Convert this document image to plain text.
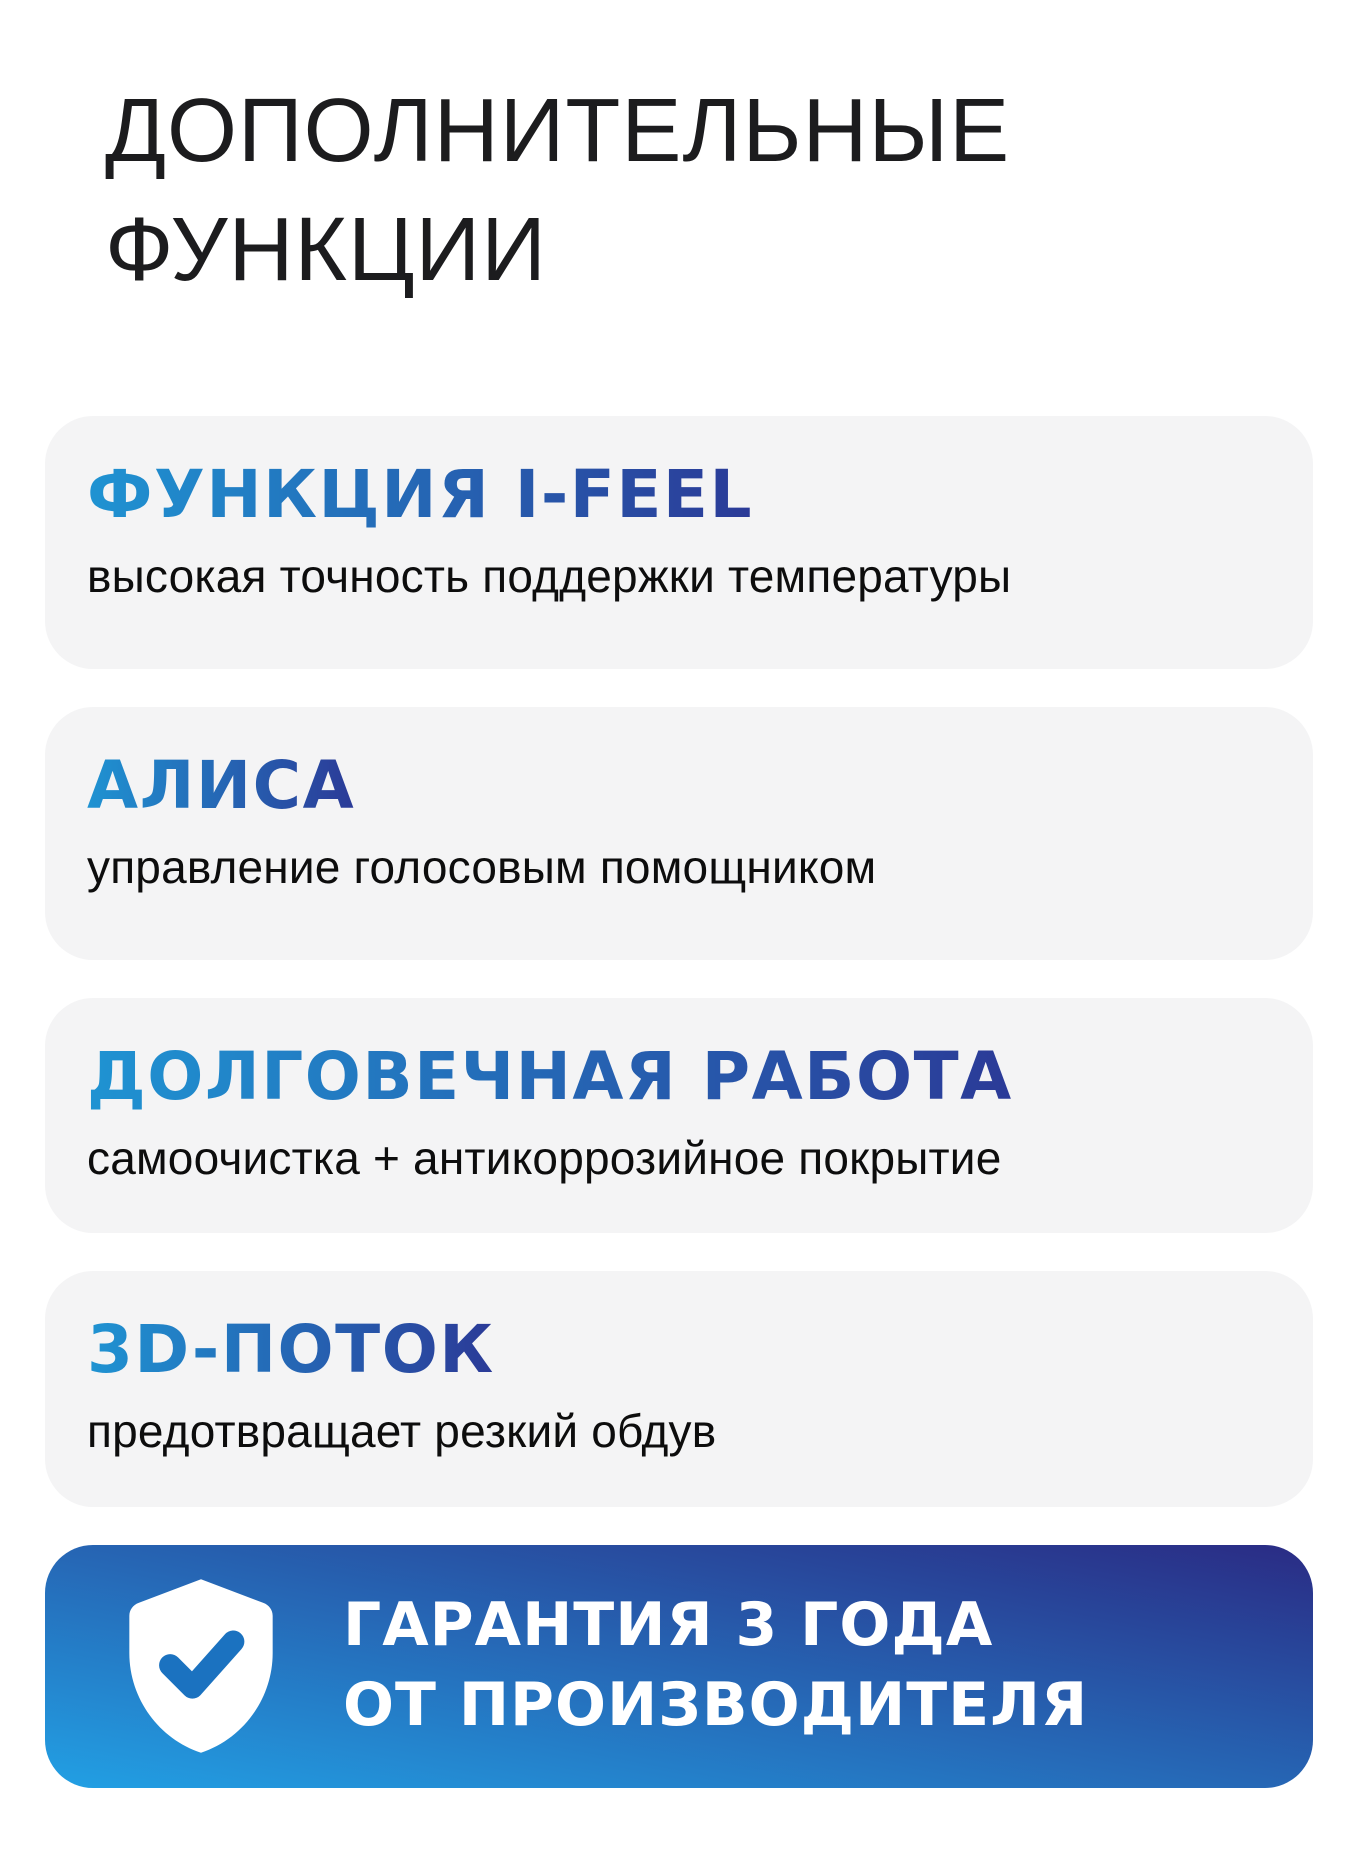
ДОПОЛНИТЕЛЬНЫЕ
ФУНКЦИИ
ФУНКЦИЯ I-FEEL

высокая точность поддержки температуры

АЛИСА

управление голосовым помощником

ДОЛГОВЕЧНАЯ РАБОТА

самоочистка + антикоррозийное покрытие

3D-ПОТОК

предотвращает резкий обдув

ГАРАНТИЯ 3 ГОДА
ОТ ПРОИЗВОДИТЕЛЯ
